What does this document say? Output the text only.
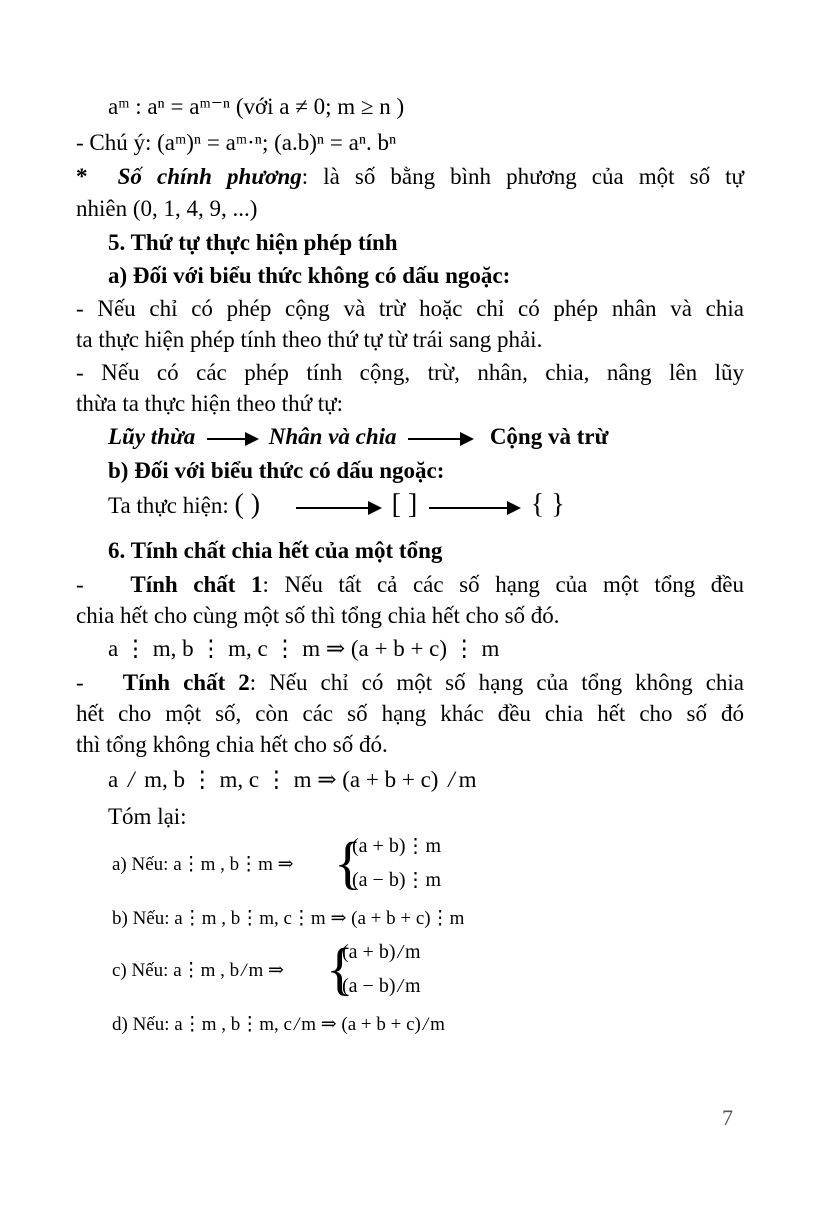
aᵐ : aⁿ = aᵐ⁻ⁿ (với a ≠ 0; m ≥ n )
- Chú ý: (aᵐ)ⁿ = aᵐ·ⁿ; (a.b)ⁿ = aⁿ. bⁿ
* Số chính phương: là số bằng bình phương của một số tự
nhiên (0, 1, 4, 9, ...)
5. Thứ tự thực hiện phép tính
a) Đối với biểu thức không có dấu ngoặc:
- Nếu chỉ có phép cộng và trừ hoặc chỉ có phép nhân và chia
ta thực hiện phép tính theo thứ tự từ trái sang phải.
- Nếu có các phép tính cộng, trừ, nhân, chia, nâng lên lũy
thừa ta thực hiện theo thứ tự:
Lũy thừa	Nhân và chia	Cộng và trừ
b) Đối với biểu thức có dấu ngoặc:
Ta thực hiện: ( )	[ ]	{ }
6. Tính chất chia hết của một tổng
- Tính chất 1: Nếu tất cả các số hạng của một tổng đều
chia hết cho cùng một số thì tổng chia hết cho số đó.
a ⋮ m, b ⋮ m, c ⋮ m ⇒ (a + b + c) ⋮ m
- Tính chất 2: Nếu chỉ có một số hạng của tổng không chia
hết cho một số, còn các số hạng khác đều chia hết cho số đó
thì tổng không chia hết cho số đó.
a / m, b ⋮ m, c ⋮ m ⇒ (a + b + c) / m
Tóm lại:
a) Nếu: a⋮m , b⋮m ⇒ {
(a + b)⋮m
(a − b)⋮m
b) Nếu: a⋮m , b⋮m, c⋮m ⇒ (a + b + c)⋮m
c) Nếu: a⋮m , b / m ⇒ {
(a + b) / m
(a − b) / m
d) Nếu: a⋮m , b⋮m, c / m ⇒ (a + b + c) / m
7
